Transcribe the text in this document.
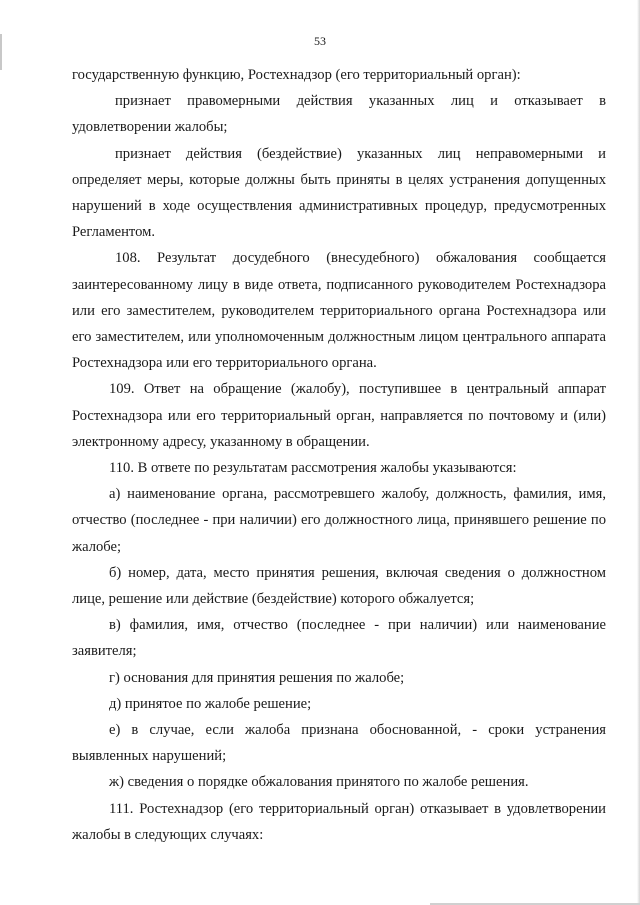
53

государственную функцию, Ростехнадзор (его территориальный орган):

признает правомерными действия указанных лиц и отказывает в удовлетворении жалобы;

признает действия (бездействие) указанных лиц неправомерными и определяет меры, которые должны быть приняты в целях устранения допущенных нарушений в ходе осуществления административных процедур, предусмотренных Регламентом.

108. Результат досудебного (внесудебного) обжалования сообщается заинтересованному лицу в виде ответа, подписанного руководителем Ростехнадзора или его заместителем, руководителем территориального органа Ростехнадзора или его заместителем, или уполномоченным должностным лицом центрального аппарата Ростехнадзора или его территориального органа.

109. Ответ на обращение (жалобу), поступившее в центральный аппарат Ростехнадзора или его территориальный орган, направляется по почтовому и (или) электронному адресу, указанному в обращении.

110. В ответе по результатам рассмотрения жалобы указываются:

а) наименование органа, рассмотревшего жалобу, должность, фамилия, имя, отчество (последнее - при наличии) его должностного лица, принявшего решение по жалобе;

б) номер, дата, место принятия решения, включая сведения о должностном лице, решение или действие (бездействие) которого обжалуется;

в) фамилия, имя, отчество (последнее - при наличии) или наименование заявителя;

г) основания для принятия решения по жалобе;

д) принятое по жалобе решение;

е) в случае, если жалоба признана обоснованной, - сроки устранения выявленных нарушений;

ж) сведения о порядке обжалования принятого по жалобе решения.

111. Ростехнадзор (его территориальный орган) отказывает в удовлетворении жалобы в следующих случаях:
